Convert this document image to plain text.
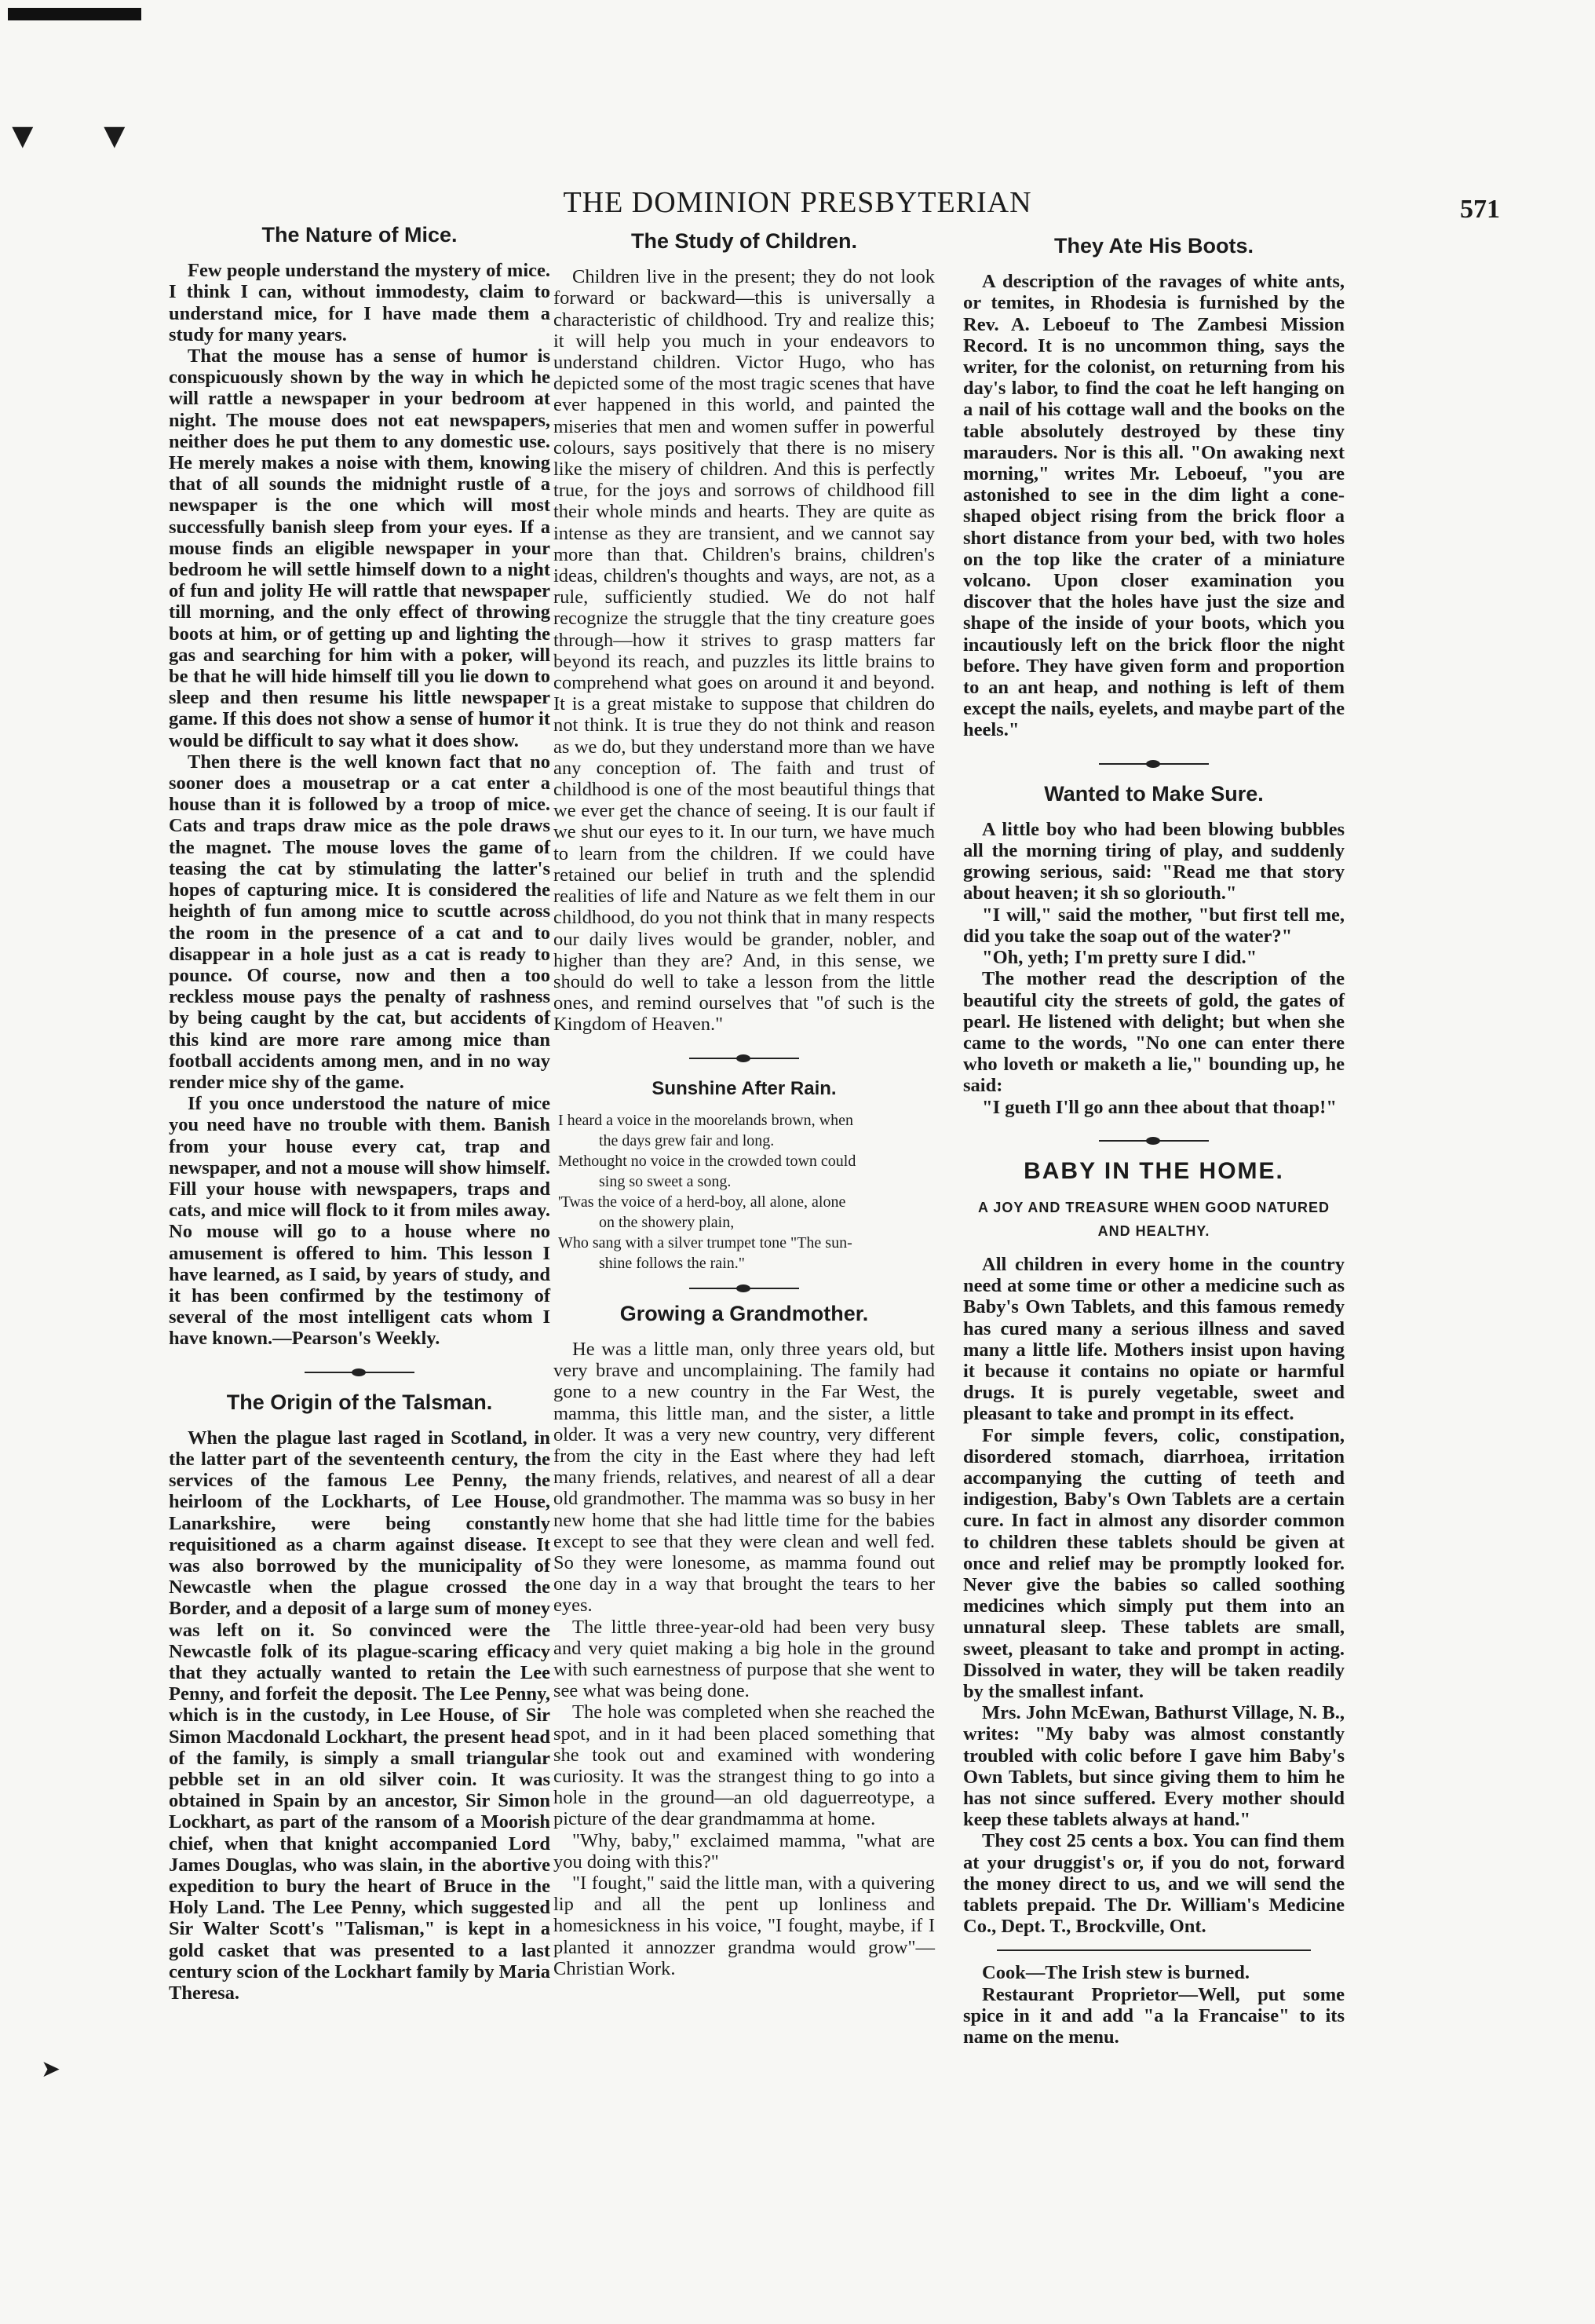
▼ ▼
➤
THE DOMINION PRESBYTERIAN	571
The Nature of Mice.

Few people understand the mystery of mice. I think I can, without immodesty, claim to understand mice, for I have made them a study for many years.

That the mouse has a sense of humor is conspicuously shown by the way in which he will rattle a newspaper in your bedroom at night. The mouse does not eat newspapers, neither does he put them to any domestic use. He merely makes a noise with them, knowing that of all sounds the midnight rustle of a newspaper is the one which will most successfully banish sleep from your eyes. If a mouse finds an eligible newspaper in your bedroom he will settle himself down to a night of fun and jolity He will rattle that newspaper till morning, and the only effect of throwing boots at him, or of getting up and lighting the gas and searching for him with a poker, will be that he will hide himself till you lie down to sleep and then resume his little newspaper game. If this does not show a sense of humor it would be difficult to say what it does show.

Then there is the well known fact that no sooner does a mousetrap or a cat enter a house than it is followed by a troop of mice. Cats and traps draw mice as the pole draws the magnet. The mouse loves the game of teasing the cat by stimulating the latter's hopes of capturing mice. It is considered the heighth of fun among mice to scuttle across the room in the presence of a cat and to disappear in a hole just as a cat is ready to pounce. Of course, now and then a too reckless mouse pays the penalty of rashness by being caught by the cat, but accidents of this kind are more rare among mice than football accidents among men, and in no way render mice shy of the game.

If you once understood the nature of mice you need have no trouble with them. Banish from your house every cat, trap and newspaper, and not a mouse will show himself. Fill your house with newspapers, traps and cats, and mice will flock to it from miles away. No mouse will go to a house where no amusement is offered to him. This lesson I have learned, as I said, by years of study, and it has been confirmed by the testimony of several of the most intelligent cats whom I have known.—Pearson's Weekly.

The Origin of the Talsman.

When the plague last raged in Scotland, in the latter part of the seventeenth century, the services of the famous Lee Penny, the heirloom of the Lockharts, of Lee House, Lanarkshire, were being constantly requisitioned as a charm against disease. It was also borrowed by the municipality of Newcastle when the plague crossed the Border, and a deposit of a large sum of money was left on it. So convinced were the Newcastle folk of its plague-scaring efficacy that they actually wanted to retain the Lee Penny, and forfeit the deposit. The Lee Penny, which is in the custody, in Lee House, of Sir Simon Macdonald Lockhart, the present head of the family, is simply a small triangular pebble set in an old silver coin. It was obtained in Spain by an ancestor, Sir Simon Lockhart, as part of the ransom of a Moorish chief, when that knight accompanied Lord James Douglas, who was slain, in the abortive expedition to bury the heart of Bruce in the Holy Land. The Lee Penny, which suggested Sir Walter Scott's "Talisman," is kept in a gold casket that was presented to a last century scion of the Lockhart family by Maria Theresa.

The Study of Children.

Children live in the present; they do not look forward or backward—this is universally a characteristic of childhood. Try and realize this; it will help you much in your endeavors to understand children. Victor Hugo, who has depicted some of the most tragic scenes that have ever happened in this world, and painted the miseries that men and women suffer in powerful colours, says positively that there is no misery like the misery of children. And this is perfectly true, for the joys and sorrows of childhood fill their whole minds and hearts. They are quite as intense as they are transient, and we cannot say more than that. Children's brains, children's ideas, children's thoughts and ways, are not, as a rule, sufficiently studied. We do not half recognize the struggle that the tiny creature goes through—how it strives to grasp matters far beyond its reach, and puzzles its little brains to comprehend what goes on around it and beyond. It is a great mistake to suppose that children do not think. It is true they do not think and reason as we do, but they understand more than we have any conception of. The faith and trust of childhood is one of the most beautiful things that we ever get the chance of seeing. It is our fault if we shut our eyes to it. In our turn, we have much to learn from the children. If we could have retained our belief in truth and the splendid realities of life and Nature as we felt them in our childhood, do you not think that in many respects our daily lives would be grander, nobler, and higher than they are? And, in this sense, we should do well to take a lesson from the little ones, and remind ourselves that "of such is the Kingdom of Heaven."

Sunshine After Rain.
I heard a voice in the moorelands brown, when
the days grew fair and long.
Methought no voice in the crowded town could
sing so sweet a song.
'Twas the voice of a herd-boy, all alone, alone
on the showery plain,
Who sang with a silver trumpet tone "The sun-
shine follows the rain."
Growing a Grandmother.

He was a little man, only three years old, but very brave and uncomplaining. The family had gone to a new country in the Far West, the mamma, this little man, and the sister, a little older. It was a very new country, very different from the city in the East where they had left many friends, relatives, and nearest of all a dear old grandmother. The mamma was so busy in her new home that she had little time for the babies except to see that they were clean and well fed. So they were lonesome, as mamma found out one day in a way that brought the tears to her eyes.

The little three-year-old had been very busy and very quiet making a big hole in the ground with such earnestness of purpose that she went to see what was being done.

The hole was completed when she reached the spot, and in it had been placed something that she took out and examined with wondering curiosity. It was the strangest thing to go into a hole in the ground—an old daguerreotype, a picture of the dear grandmamma at home.

"Why, baby," exclaimed mamma, "what are you doing with this?"

"I fought," said the little man, with a quivering lip and all the pent up lonliness and homesickness in his voice, "I fought, maybe, if I planted it annozzer grandma would grow"—Christian Work.

They Ate His Boots.

A description of the ravages of white ants, or temites, in Rhodesia is furnished by the Rev. A. Leboeuf to The Zambesi Mission Record. It is no uncommon thing, says the writer, for the colonist, on returning from his day's labor, to find the coat he left hanging on a nail of his cottage wall and the books on the table absolutely destroyed by these tiny marauders. Nor is this all. "On awaking next morning," writes Mr. Leboeuf, "you are astonished to see in the dim light a cone-shaped object rising from the brick floor a short distance from your bed, with two holes on the top like the crater of a miniature volcano. Upon closer examination you discover that the holes have just the size and shape of the inside of your boots, which you incautiously left on the brick floor the night before. They have given form and proportion to an ant heap, and nothing is left of them except the nails, eyelets, and maybe part of the heels."

Wanted to Make Sure.

A little boy who had been blowing bubbles all the morning tiring of play, and suddenly growing serious, said: "Read me that story about heaven; it sh so gloriouth."

"I will," said the mother, "but first tell me, did you take the soap out of the water?"

"Oh, yeth; I'm pretty sure I did."

The mother read the description of the beautiful city the streets of gold, the gates of pearl. He listened with delight; but when she came to the words, "No one can enter there who loveth or maketh a lie," bounding up, he said:

"I gueth I'll go ann thee about that thoap!"

BABY IN THE HOME.
A JOY AND TREASURE WHEN GOOD NATURED AND HEALTHY.

All children in every home in the country need at some time or other a medicine such as Baby's Own Tablets, and this famous remedy has cured many a serious illness and saved many a little life. Mothers insist upon having it because it contains no opiate or harmful drugs. It is purely vegetable, sweet and pleasant to take and prompt in its effect.

For simple fevers, colic, constipation, disordered stomach, diarrhoea, irritation accompanying the cutting of teeth and indigestion, Baby's Own Tablets are a certain cure. In fact in almost any disorder common to children these tablets should be given at once and relief may be promptly looked for. Never give the babies so called soothing medicines which simply put them into an unnatural sleep. These tablets are small, sweet, pleasant to take and prompt in acting. Dissolved in water, they will be taken readily by the smallest infant.

Mrs. John McEwan, Bathurst Village, N. B., writes: "My baby was almost constantly troubled with colic before I gave him Baby's Own Tablets, but since giving them to him he has not since suffered. Every mother should keep these tablets always at hand."

They cost 25 cents a box. You can find them at your druggist's or, if you do not, forward the money direct to us, and we will send the tablets prepaid. The Dr. William's Medicine Co., Dept. T., Brockville, Ont.

Cook—The Irish stew is burned.

Restaurant Proprietor—Well, put some spice in it and add "a la Francaise" to its name on the menu.
